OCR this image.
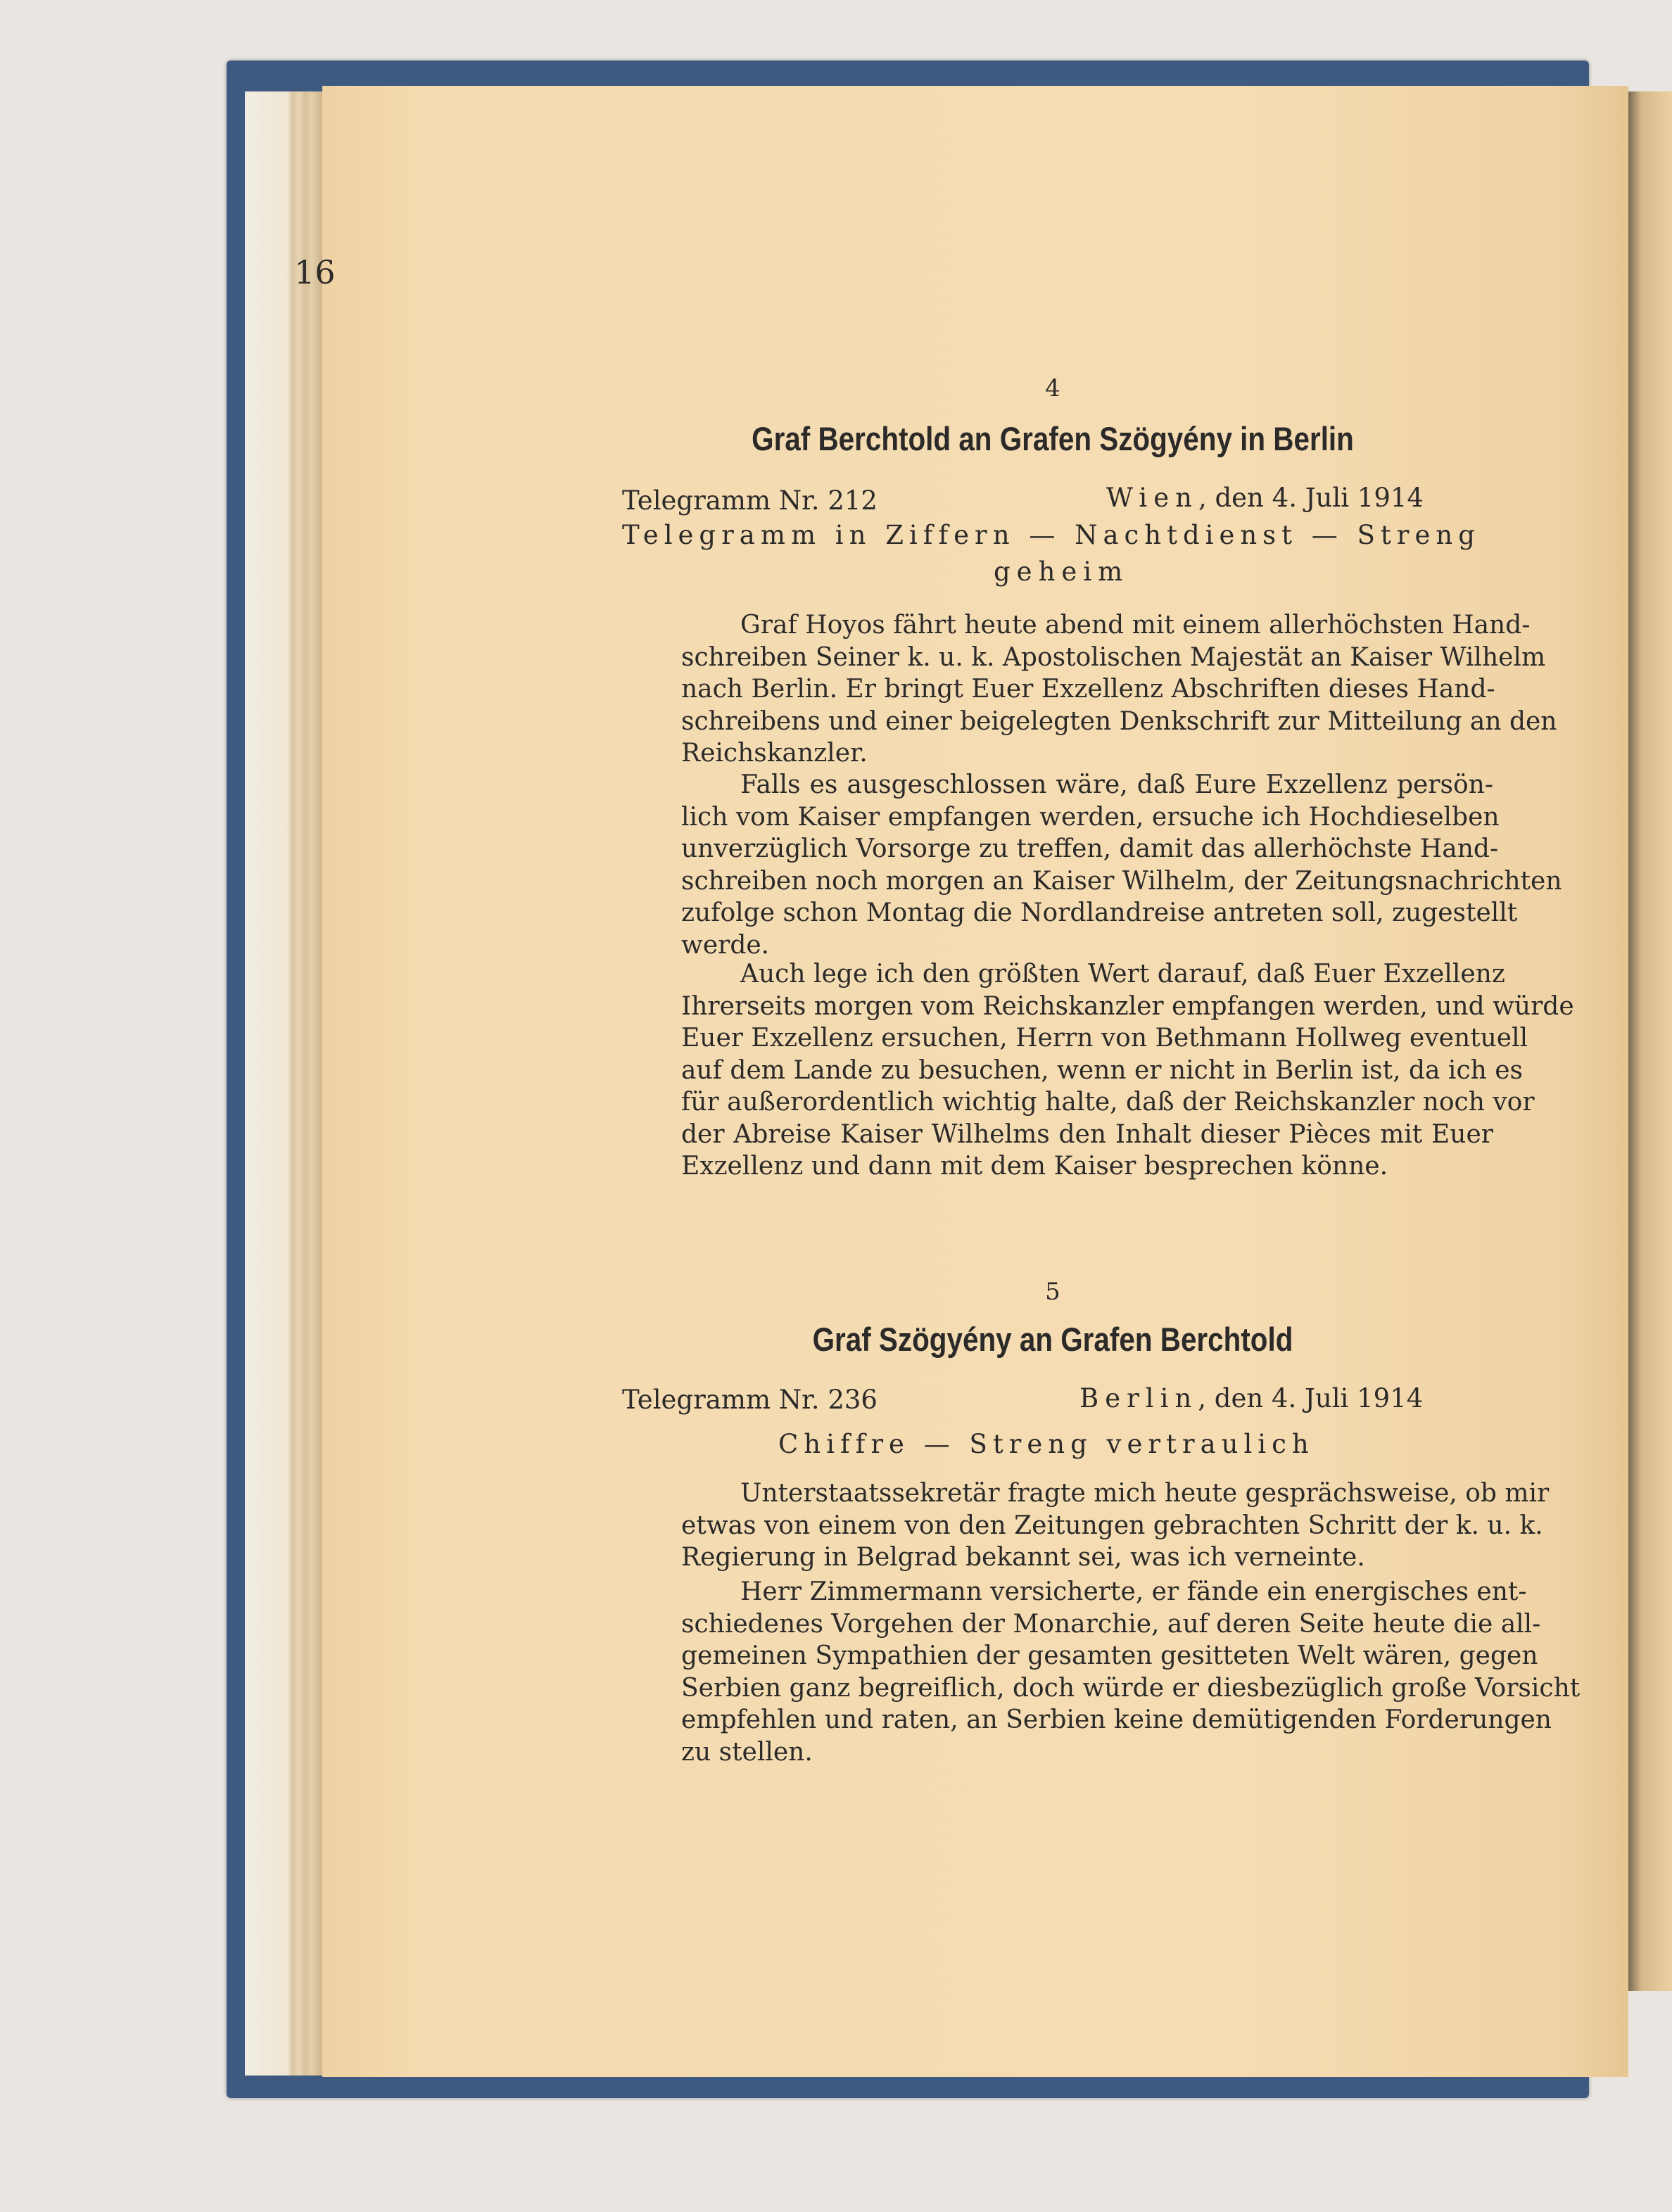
16
4
Graf Berchtold an Grafen Szögyény in Berlin
Telegramm Nr. 212	Wien, den 4. Juli 1914
Telegramm in Ziffern — Nachtdienst — Streng
geheim
Graf Hoyos fährt heute abend mit einem allerhöchsten Hand-
schreiben Seiner k. u. k. Apostolischen Majestät an Kaiser Wilhelm
nach Berlin. Er bringt Euer Exzellenz Abschriften dieses Hand-
schreibens und einer beigelegten Denkschrift zur Mitteilung an den
Reichskanzler.
Falls es ausgeschlossen wäre, daß Eure Exzellenz persön-
lich vom Kaiser empfangen werden, ersuche ich Hochdieselben
unverzüglich Vorsorge zu treffen, damit das allerhöchste Hand-
schreiben noch morgen an Kaiser Wilhelm, der Zeitungsnachrichten
zufolge schon Montag die Nordlandreise antreten soll, zugestellt
werde.
Auch lege ich den größten Wert darauf, daß Euer Exzellenz
Ihrerseits morgen vom Reichskanzler empfangen werden, und würde
Euer Exzellenz ersuchen, Herrn von Bethmann Hollweg eventuell
auf dem Lande zu besuchen, wenn er nicht in Berlin ist, da ich es
für außerordentlich wichtig halte, daß der Reichskanzler noch vor
der Abreise Kaiser Wilhelms den Inhalt dieser Pièces mit Euer
Exzellenz und dann mit dem Kaiser besprechen könne.
5
Graf Szögyény an Grafen Berchtold
Telegramm Nr. 236	Berlin, den 4. Juli 1914
Chiffre — Streng vertraulich
Unterstaatssekretär fragte mich heute gesprächsweise, ob mir
etwas von einem von den Zeitungen gebrachten Schritt der k. u. k.
Regierung in Belgrad bekannt sei, was ich verneinte.
Herr Zimmermann versicherte, er fände ein energisches ent-
schiedenes Vorgehen der Monarchie, auf deren Seite heute die all-
gemeinen Sympathien der gesamten gesitteten Welt wären, gegen
Serbien ganz begreiflich, doch würde er diesbezüglich große Vorsicht
empfehlen und raten, an Serbien keine demütigenden Forderungen
zu stellen.
